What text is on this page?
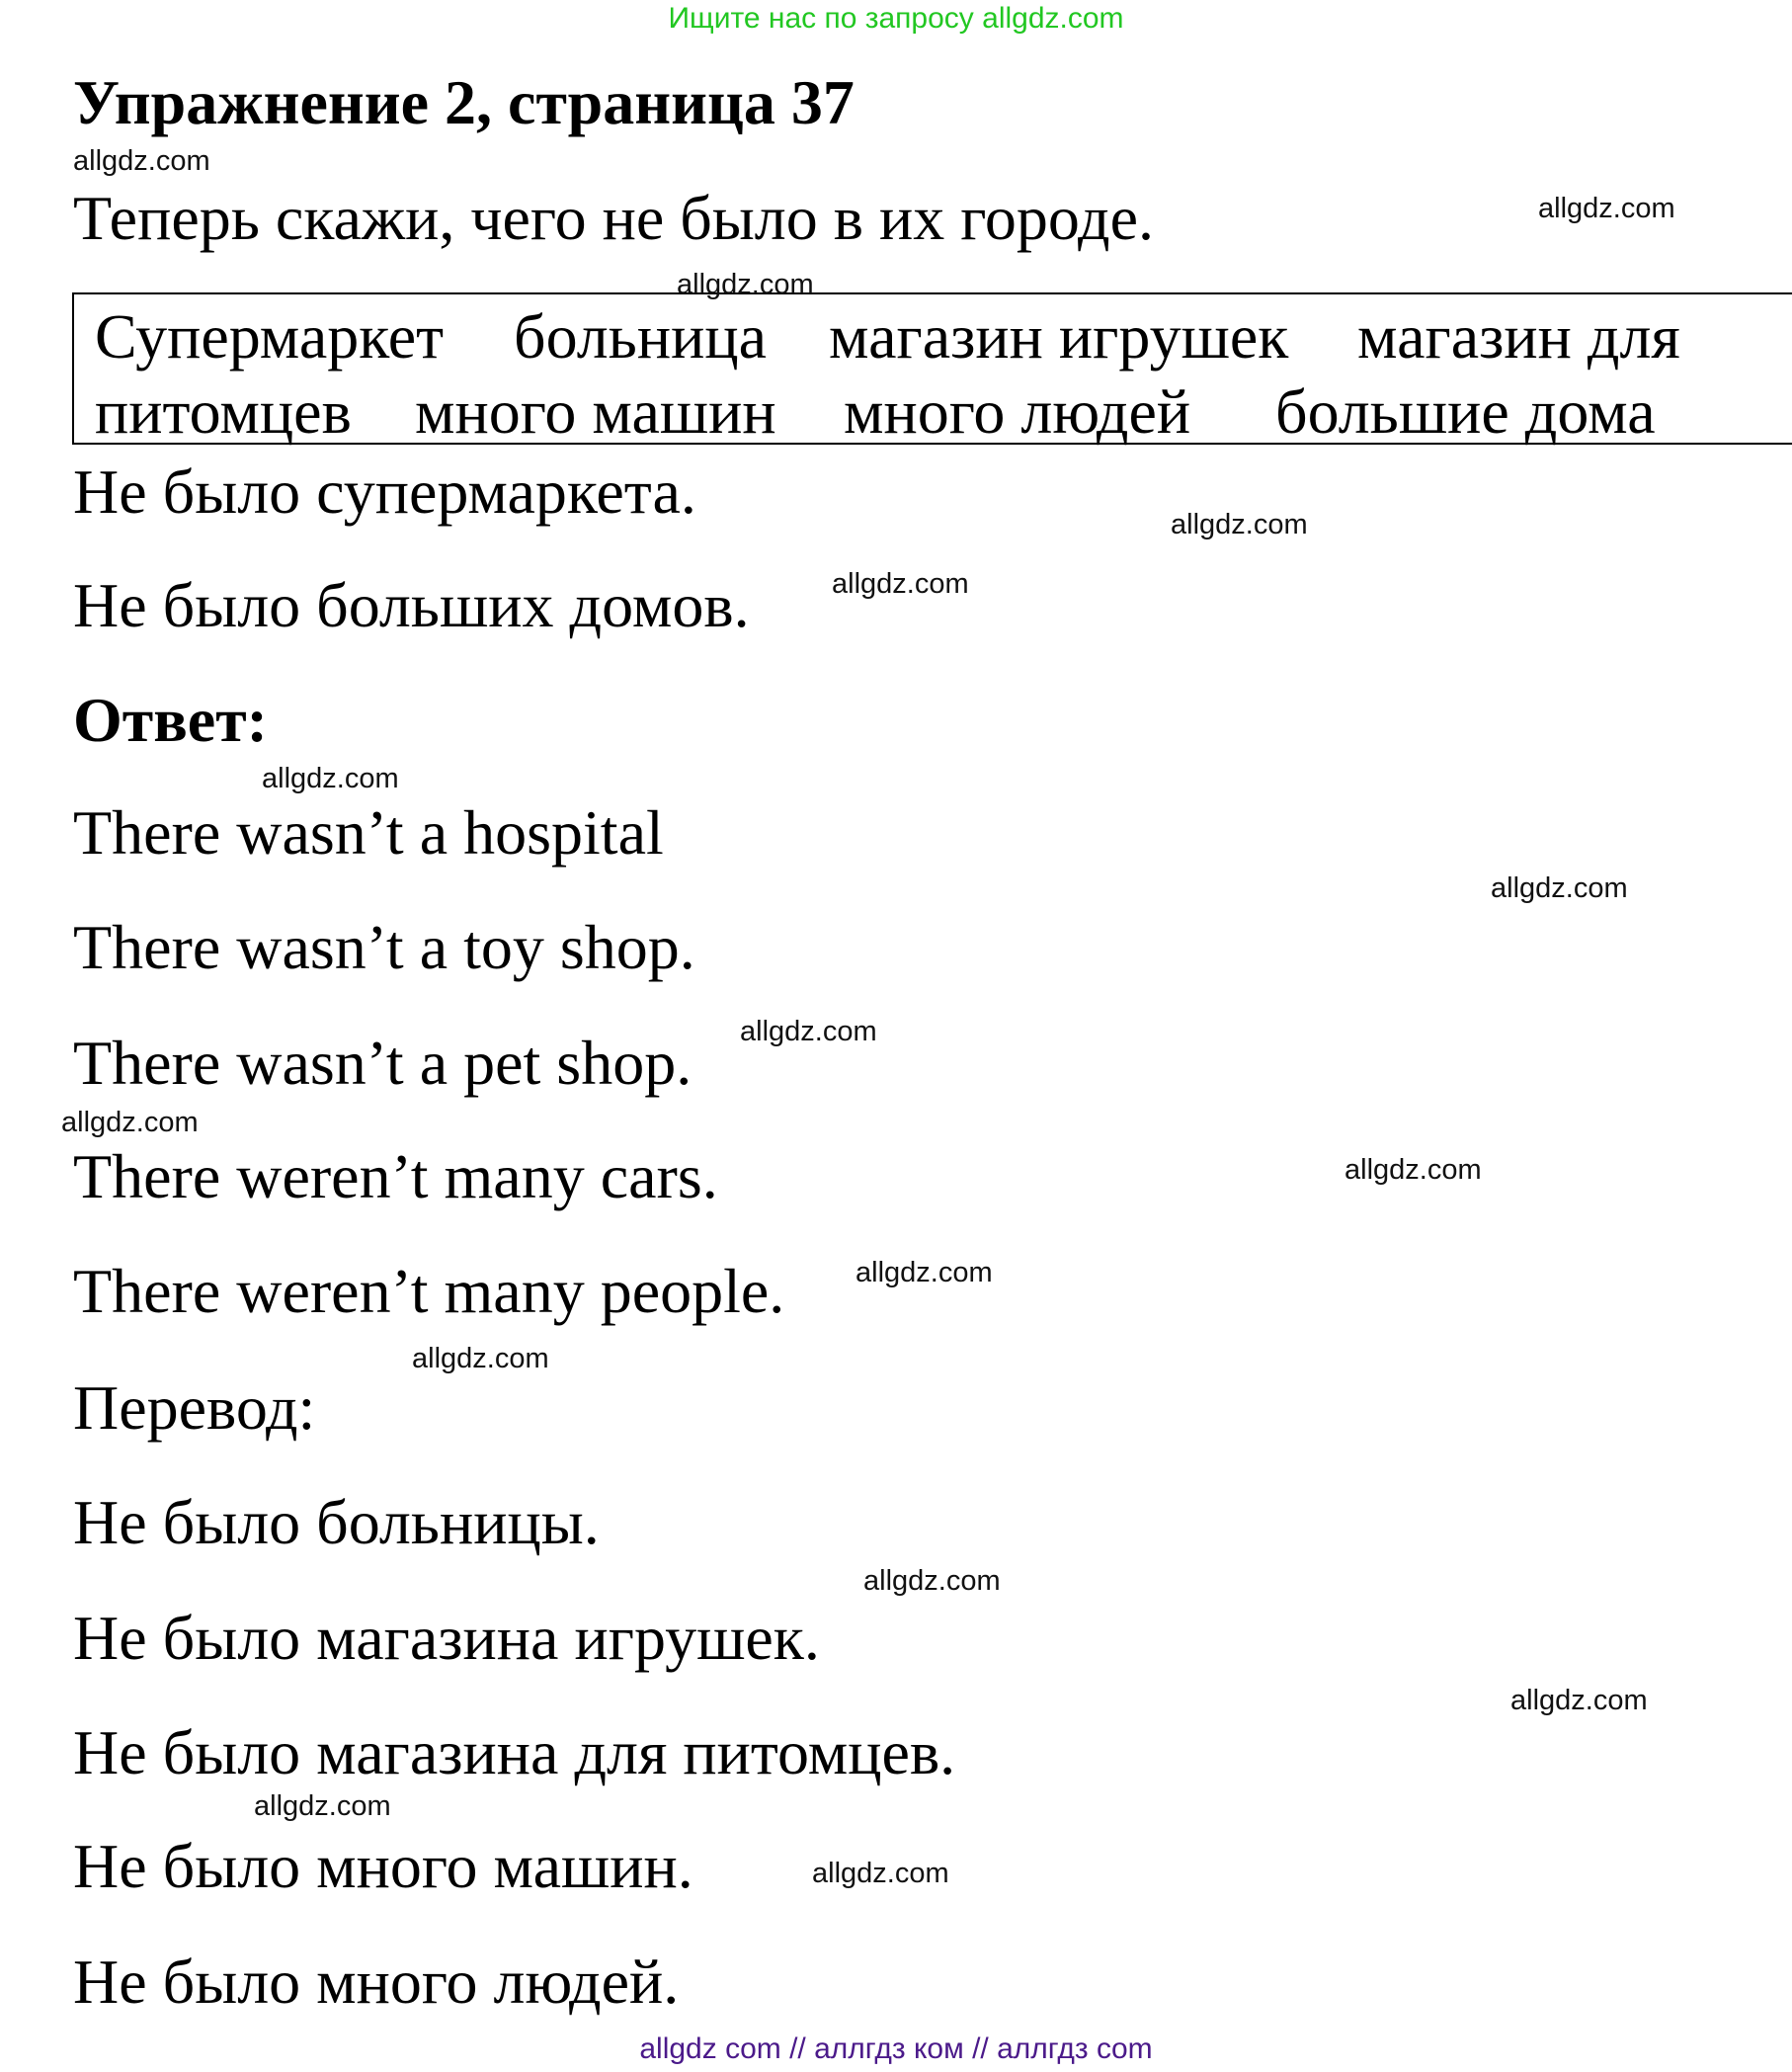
Ищите нас по запросу allgdz.com
Упражнение 2, страница 37
Теперь скажи, чего не было в их городе.
Супермаркет больница магазин игрушек магазин для
питомцев много машин много людей большие дома
Не было супермаркета.
Не было больших домов.
Ответ:
There wasn’t a hospital
There wasn’t a toy shop.
There wasn’t a pet shop.
There weren’t many cars.
There weren’t many people.
Перевод:
Не было больницы.
Не было магазина игрушек.
Не было магазина для питомцев.
Не было много машин.
Не было много людей.
allgdz.com
allgdz.com
allgdz.com
allgdz.com
allgdz.com
allgdz.com
allgdz.com
allgdz.com
allgdz.com
allgdz.com
allgdz.com
allgdz.com
allgdz.com
allgdz.com
allgdz.com
allgdz.com
allgdz com // аллгдз ком // аллгдз com
